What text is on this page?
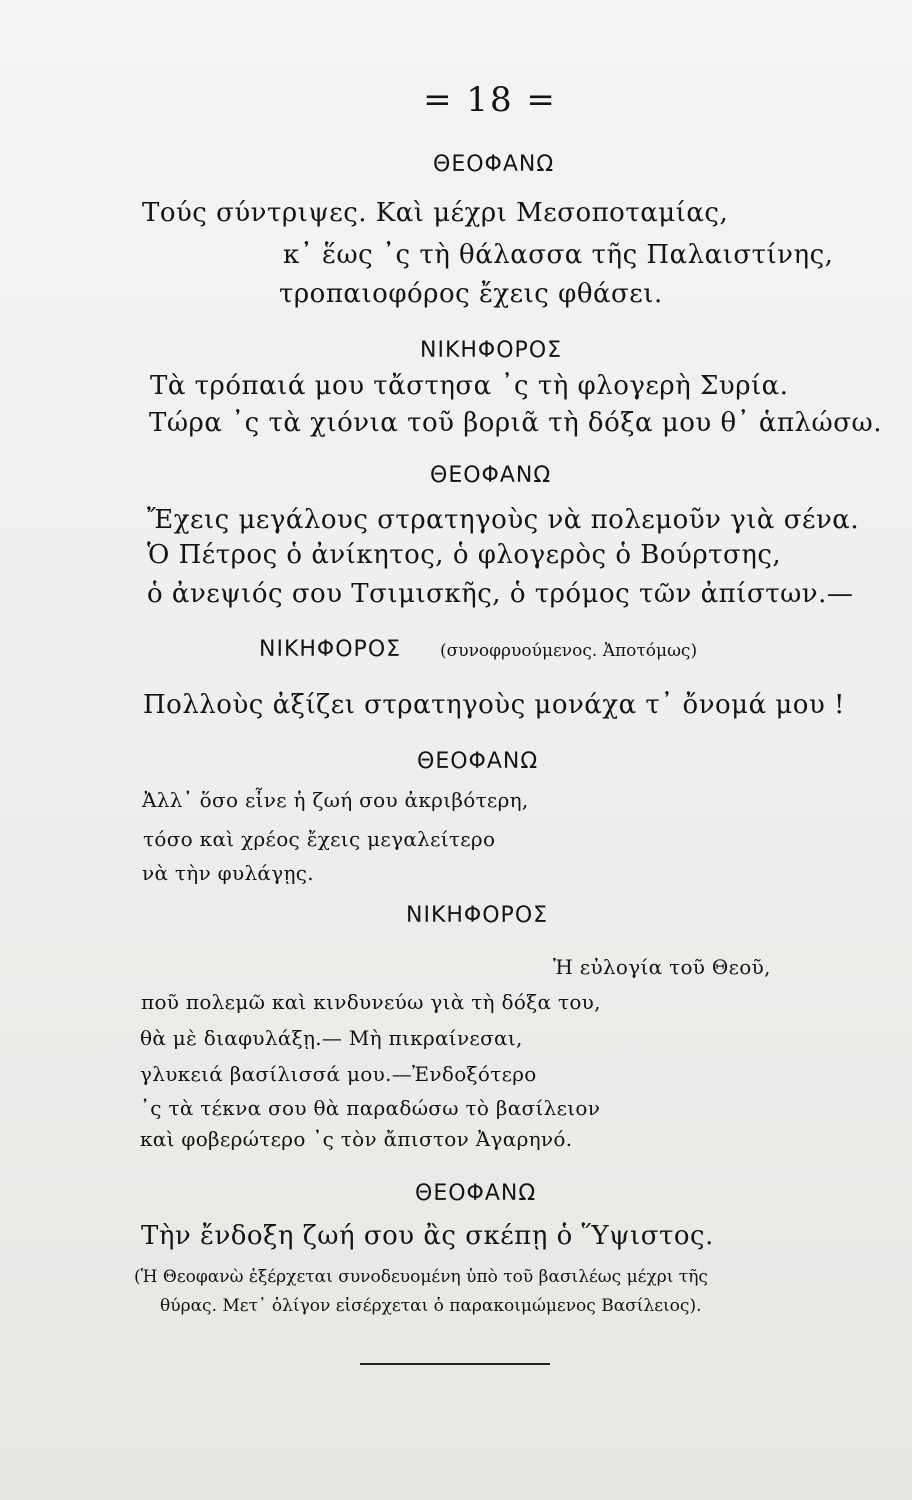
= 18 =
ΘΕΟΦΑΝΩ
Τούς σύντριψες. Καὶ μέχρι Μεσοποταμίας,
κ᾽ ἕως ᾽ς τὴ θάλασσα τῆς Παλαιστίνης,
τροπαιοφόρος ἔχεις φθάσει.
ΝΙΚΗΦΟΡΟΣ
Τὰ τρόπαιά μου τἄστησα ᾽ς τὴ φλογερὴ Συρία.
Τώρα ᾽ς τὰ χιόνια τοῦ βοριᾶ τὴ δόξα μου θ᾽ ἁπλώσω.
ΘΕΟΦΑΝΩ
Ἔχεις μεγάλους στρατηγοὺς νὰ πολεμοῦν γιὰ σένα.
Ὁ Πέτρος ὁ ἀνίκητος, ὁ φλογερὸς ὁ Βούρτσης,
ὁ ἀνεψιός σου Τσιμισκῆς, ὁ τρόμος τῶν ἀπίστων.—
ΝΙΚΗΦΟΡΟΣ (συνοφρυούμενος. Ἀποτόμως)
Πολλοὺς ἀξίζει στρατηγοὺς μονάχα τ᾽ ὄνομά μου !
ΘΕΟΦΑΝΩ
Ἀλλ᾽ ὅσο εἶνε ἡ ζωή σου ἀκριβότερη,
τόσο καὶ χρέος ἔχεις μεγαλείτερο
νὰ τὴν φυλάγῃς.
ΝΙΚΗΦΟΡΟΣ
Ἡ εὐλογία τοῦ Θεοῦ,
ποῦ πολεμῶ καὶ κινδυνεύω γιὰ τὴ δόξα του,
θὰ μὲ διαφυλάξῃ.— Μὴ πικραίνεσαι,
γλυκειά βασίλισσά μου.—Ἐνδοξότερο
᾽ς τὰ τέκνα σου θὰ παραδώσω τὸ βασίλειον
καὶ φοβερώτερο ᾽ς τὸν ἄπιστον Ἀγαρηνό.
ΘΕΟΦΑΝΩ
Τὴν ἔνδοξη ζωή σου ἂς σκέπῃ ὁ Ὕψιστος.
(Ἡ Θεοφανὼ ἐξέρχεται συνοδευομένη ὑπὸ τοῦ βασιλέως μέχρι τῆς
θύρας. Μετ᾽ ὀλίγον εἰσέρχεται ὁ παρακοιμώμενος Βασίλειος).
